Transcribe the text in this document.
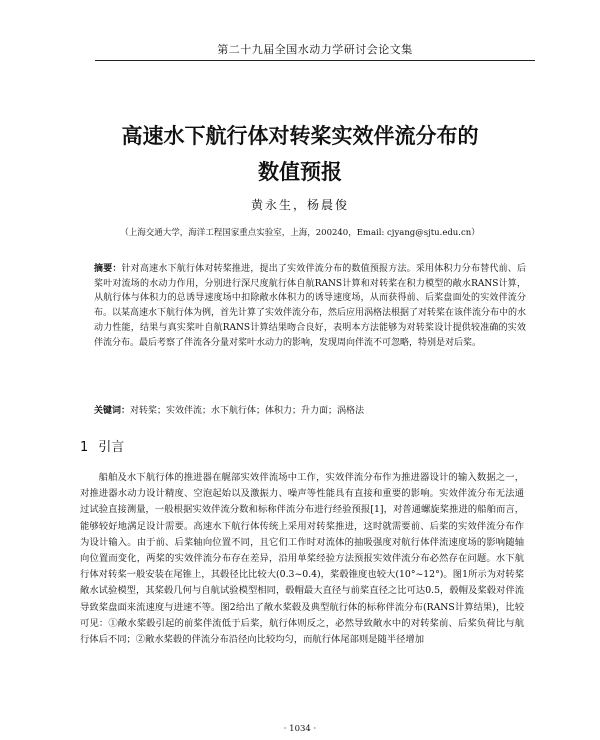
第二十九届全国水动力学研讨会论文集
高速水下航行体对转桨实效伴流分布的
数值预报
黄永生，杨晨俊
（上海交通大学，海洋工程国家重点实验室，上海，200240，Email: cjyang@sjtu.edu.cn）
摘要：针对高速水下航行体对转桨推进，提出了实效伴流分布的数值预报方法。采用体积力分布替代前、后桨叶对流场的水动力作用，分别进行深尺度航行体自航RANS计算和对转桨在积力模型的敞水RANS计算，从航行体与体积力的总诱导速度场中扣除敞水体积力的诱导速度场，从而获得前、后桨盘面处的实效伴流分布。以某高速水下航行体为例，首先计算了实效伴流分布，然后应用涡格法根据了对转桨在该伴流分布中的水动力性能，结果与真实桨叶自航RANS计算结果吻合良好，表明本方法能够为对转桨设计提供较准确的实效伴流分布。最后考察了伴流各分量对桨叶水动力的影响，发现周向伴流不可忽略，特别是对后桨。
关键词：对转桨；实效伴流；水下航行体；体积力；升力面；涡格法
1 引言

船舶及水下航行体的推进器在艉部实效伴流场中工作，实效伴流分布作为推进器设计的输入数据之一，对推进器水动力设计精度、空泡起始以及激振力、噪声等性能具有直接和重要的影响。实效伴流分布无法通过试验直接测量，一般根据实效伴流分数和标称伴流分布进行经验预报[1]，对普通螺旋桨推进的船舶而言，能够较好地满足设计需要。高速水下航行体传统上采用对转桨推进，这时就需要前、后桨的实效伴流分布作为设计输入。由于前、后桨轴向位置不同，且它们工作时对流体的抽吸强度对航行体伴流速度场的影响随轴向位置而变化，两桨的实效伴流分布存在差异，沿用单桨经验方法预报实效伴流分布必然存在问题。水下航行体对转桨一般安装在尾锥上，其毂径比比较大(0.3~0.4)，桨毂锥度也较大(10°~12°)。图1所示为对转桨敞水试验模型，其桨毂几何与自航试验模型相同，毂帽最大直径与前桨直径之比可达0.5，毂帽及桨毂对伴流导致桨盘面来流速度与进速不等。图2给出了敞水桨毂及典型航行体的标称伴流分布(RANS计算结果)，比较可见：①敞水桨毂引起的前桨伴流低于后桨，航行体则反之，必然导致敞水中的对转桨前、后桨负荷比与航行体后不同；②敞水桨毂的伴流分布沿径向比较均匀，而航行体尾部则是随半径增加

· 1034 ·
